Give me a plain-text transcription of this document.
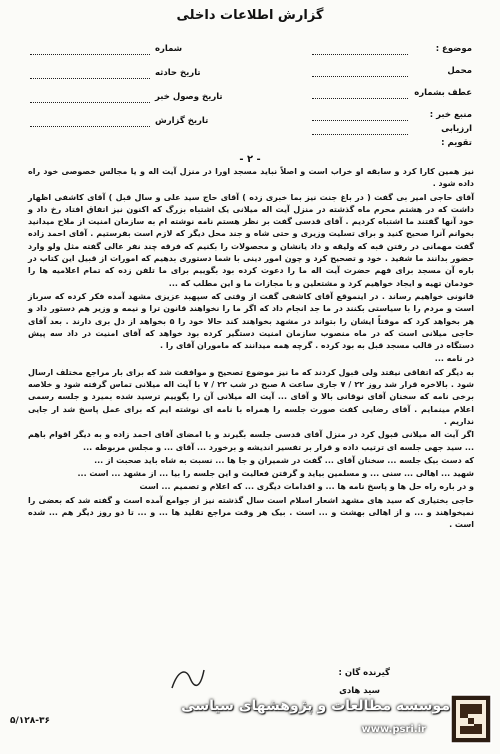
گزارش اطلاعات داخلی
موضوع :
محمل
عطف بشماره
منبع خبر :
ارزیابی
تقویم :
شماره
تاریخ حادثه
تاریخ وصول خبر
تاریخ گزارش
- ۲ -

نیز همین کارا کرد و سابقه او خراب است و اصلاً نباید مسجد اورا در منزل آیت اله و یا مجالس خصوصی خود راه داده شود .

آقای حاجی امیر بی گفت ( در باغ جنت نیز بما خبری زده ) آقای حاج سید علی و سال قبل ) آقای کاشفی اظهار داشت که در هشتم محرم ماه گذشته در منزل آیت اله میلانی یک اشتباه بزرگ که اکنون نیز اتفاق افتاد رخ داد و خود آنها گفتند ما اشتباه کردیم . آقای قدسی گفت بر نظر هستم نامه نوشته ام به سازمان امنیت از ملاح میدانید بخوانم آنرا صحیح کنید و برای تسلیت وزیری و حتی شاه و جند محل دیگر که لازم است بفرستیم . آقای احمد زاده گفت مهمانی در رفتن قبه که ولیقه و داد یانشان و محصولات را بکنیم که فرقه چند نفر عالی گفته مثل ولو وارد حضور بدانند ما شفید . خود و تصحیح کرد و چون امور دینی با شما دستوری بدهیم که امورات از قبیل این کتاب در باره آن مسجد برای فهم حضرت آیت اله ما را دعوت کرده بود بگوییم برای ما تلفن زده که تمام اعلامیه ها را خودمان تهیه و ایجاد خواهیم کرد و مشتعلین و با مجازات ما و این مطلب که ...

قانونی خواهیم رساند . در اینموقع آقای کاشفی گفت از وقتی که سپهبد عزیزی مشهد آمده فکر کرده که سرباز است و مردم را با سیاستی بکنند در ما جد انجام داد که اگر ما را نخواهند قانون ترا و نیمه و وزیر هم دستور داد و هر بخواهد کرد که موقتاً ایشان را بتواند در مشهد بخواهند کند حالا خود را ۵ بخواهد از دل بری دارند . بعد آقای حاجی میلانی است که در ماه منصوب سازمان امنیت دستگیر کرده بود خواهد که آقای امنیت در داد سه پیش دستگاه در قالب مسجد قبل به بود کرده . گرچه همه میدانند که ماموران آقای را .

در نامه ...

به دیگر که اتفاقی نیفتد ولی قبول کردند که ما نیز موضوع تصحیح و موافقت شد که برای بار مراجع مختلف ارسال شود . بالاخره قرار شد روز ۲۲ / ۷ جاری ساعت ۸ صبح در شب ۲۲ / ۷ با آیت اله میلانی تماس گرفته شود و خلاصه برخی نامه که سخنان آقای نوقانی بالا و آقای ... آیت اله میلانی آن را بگوییم ترسید شده بمیرد و جلسه رسمی اعلام مینمایم . آقای رضایی کفت صورت جلسه را همراه با نامه ای نوشته ایم که برای عمل پاسخ شد ار جایی نداریم .

اگر آیت اله میلانی قبول کرد در منزل آقای قدسی جلسه بگیرند و با امضای آقای احمد زاده و به دیگر اقوام باهم ... سید جهی جلسه ای ترتیب داده و قرار بر تفسیر اندیشه و برخورد ... آقای ... و مجلس مربوطه ...

که دست بیک جلسه ... سخنان آقای ... گفت در شمیران و جا ها ... نسبت به شاه باید صحبت از ...

شهید ... اهالی ... سنی ... و مسلمین بیاید و گرفتن فعالیت و این جلسه را بیا ... از مشهد ... است ...

و در باره راه حل ها و پاسخ نامه ها ... و اقدامات دیگری ... که اعلام و تصمیم ... است

حاجی بختیاری که سید های مشهد اشعار اسلام است سال گذشته نیز از جوامع آمده است و گفته شد که بعضی را نمیخواهند و ... و از اهالی بهشت و ... است . بیک هر وقت مراجع تقلید ها ... و ... تا دو روز دیگر هم ... شده است .

گیرنده گان :
سید هادی
۵/۱۲۸-۳۶
موسسه مطالعات و پژوهشهای سیاسی
www.psri.ir
